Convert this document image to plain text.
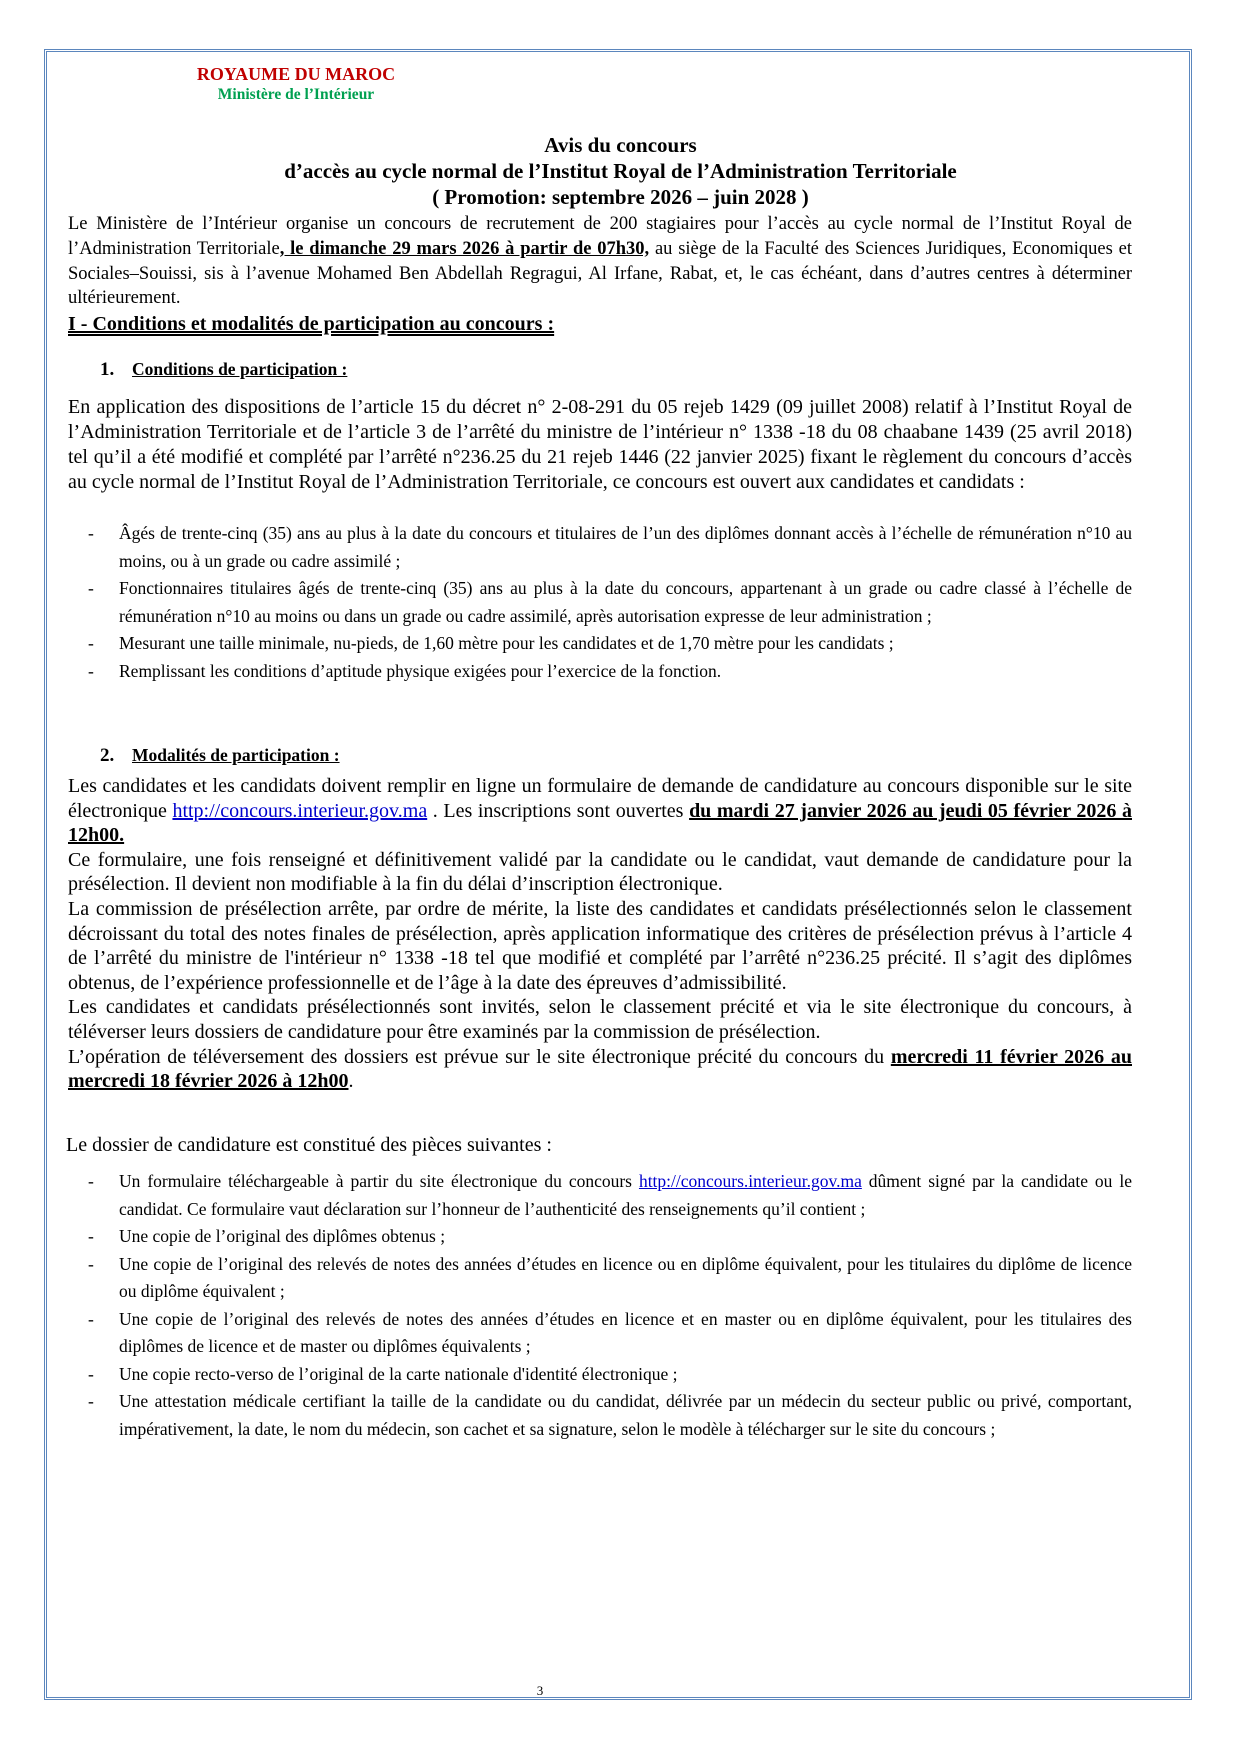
ROYAUME DU MAROC
Ministère de l’Intérieur
Avis du concours
d’accès au cycle normal de l’Institut Royal de l’Administration Territoriale
( Promotion: septembre 2026 – juin 2028 )
Le Ministère de l’Intérieur organise un concours de recrutement de 200 stagiaires pour l’accès au cycle normal de l’Institut Royal de l’Administration Territoriale, le dimanche 29 mars 2026 à partir de 07h30, au siège de la Faculté des Sciences Juridiques, Economiques et Sociales–Souissi, sis à l’avenue Mohamed Ben Abdellah Regragui, Al Irfane, Rabat, et, le cas échéant, dans d’autres centres à déterminer ultérieurement.
I - Conditions et modalités de participation au concours :
1. Conditions de participation :
En application des dispositions de l’article 15 du décret n° 2-08-291 du 05 rejeb 1429 (09 juillet 2008) relatif à l’Institut Royal de l’Administration Territoriale et de l’article 3 de l’arrêté du ministre de l’intérieur n° 1338 -18 du 08 chaabane 1439 (25 avril 2018) tel qu’il a été modifié et complété par l’arrêté n°236.25 du 21 rejeb 1446 (22 janvier 2025) fixant le règlement du concours d’accès au cycle normal de l’Institut Royal de l’Administration Territoriale, ce concours est ouvert aux candidates et candidats :
- Âgés de trente-cinq (35) ans au plus à la date du concours et titulaires de l’un des diplômes donnant accès à l’échelle de rémunération n°10 au moins, ou à un grade ou cadre assimilé ;
- Fonctionnaires titulaires âgés de trente-cinq (35) ans au plus à la date du concours, appartenant à un grade ou cadre classé à l’échelle de rémunération n°10 au moins ou dans un grade ou cadre assimilé, après autorisation expresse de leur administration ;
- Mesurant une taille minimale, nu-pieds, de 1,60 mètre pour les candidates et de 1,70 mètre pour les candidats ;
- Remplissant les conditions d’aptitude physique exigées pour l’exercice de la fonction.
2. Modalités de participation :

Les candidates et les candidats doivent remplir en ligne un formulaire de demande de candidature au concours disponible sur le site électronique http://concours.interieur.gov.ma . Les inscriptions sont ouvertes du mardi 27 janvier 2026 au jeudi 05 février 2026 à 12h00.

Ce formulaire, une fois renseigné et définitivement validé par la candidate ou le candidat, vaut demande de candidature pour la présélection. Il devient non modifiable à la fin du délai d’inscription électronique.

La commission de présélection arrête, par ordre de mérite, la liste des candidates et candidats présélectionnés selon le classement décroissant du total des notes finales de présélection, après application informatique des critères de présélection prévus à l’article 4 de l’arrêté du ministre de l'intérieur n° 1338 -18 tel que modifié et complété par l’arrêté n°236.25 précité. Il s’agit des diplômes obtenus, de l’expérience professionnelle et de l’âge à la date des épreuves d’admissibilité.

Les candidates et candidats présélectionnés sont invités, selon le classement précité et via le site électronique du concours, à téléverser leurs dossiers de candidature pour être examinés par la commission de présélection.

L’opération de téléversement des dossiers est prévue sur le site électronique précité du concours du mercredi 11 février 2026 au mercredi 18 février 2026 à 12h00.

Le dossier de candidature est constitué des pièces suivantes :
- Un formulaire téléchargeable à partir du site électronique du concours http://concours.interieur.gov.ma dûment signé par la candidate ou le candidat. Ce formulaire vaut déclaration sur l’honneur de l’authenticité des renseignements qu’il contient ;
- Une copie de l’original des diplômes obtenus ;
- Une copie de l’original des relevés de notes des années d’études en licence ou en diplôme équivalent, pour les titulaires du diplôme de licence ou diplôme équivalent ;
- Une copie de l’original des relevés de notes des années d’études en licence et en master ou en diplôme équivalent, pour les titulaires des diplômes de licence et de master ou diplômes équivalents ;
- Une copie recto-verso de l’original de la carte nationale d'identité électronique ;
- Une attestation médicale certifiant la taille de la candidate ou du candidat, délivrée par un médecin du secteur public ou privé, comportant, impérativement, la date, le nom du médecin, son cachet et sa signature, selon le modèle à télécharger sur le site du concours ;
3
